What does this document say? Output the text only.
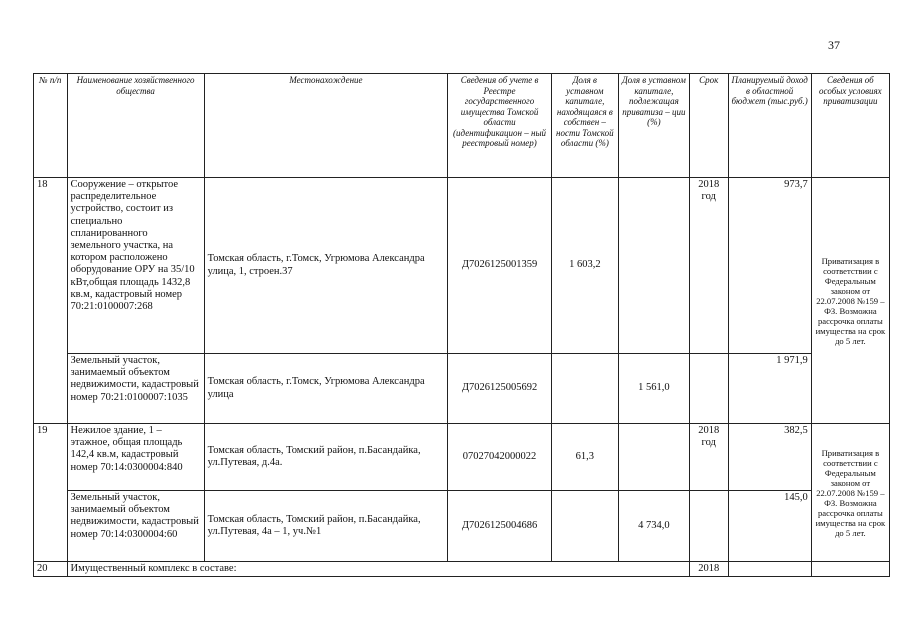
37
№ п/п	Наименование хозяйственного общества	Местонахождение	Сведения об учете в Реестре государственного имущества Томской области (идентификацион – ный реестровый номер)	Доля в уставном капитале, находящаяся в собствен – ности Томской области (%)	Доля в уставном капитале, подлежащая приватиза – ции (%)	Срок	Планируемый доход в областной бюджет (тыс.руб.)	Сведения об особых условиях приватизации
18	Сооружение – открытое распределительное устройство, состоит из специально спланированного земельного участка, на котором расположено оборудование ОРУ на 35/10 кВт,общая площадь 1432,8 кв.м, кадастровый номер 70:21:0100007:268	Томская область, г.Томск, Угрюмова Александра улица, 1, строен.37	Д7026125001359	1 603,2		2018 год	973,7	Приватизация в соответствии с Федеральным законом от 22.07.2008 №159 – ФЗ. Возможна рассрочка оплаты имущества на срок до 5 лет.
	Земельный участок, занимаемый объектом недвижимости, кадастровый номер 70:21:0100007:1035	Томская область, г.Томск, Угрюмова Александра улица	Д7026125005692		1 561,0		1 971,9	
19	Нежилое здание, 1 – этажное, общая площадь 142,4 кв.м, кадастровый номер 70:14:0300004:840	Томская область, Томский район, п.Басандайка, ул.Путевая, д.4а.	07027042000022	61,3		2018 год	382,5	Приватизация в соответствии с Федеральным законом от 22.07.2008 №159 – ФЗ. Возможна рассрочка оплаты имущества на срок до 5 лет.
	Земельный участок, занимаемый объектом недвижимости, кадастровый номер 70:14:0300004:60	Томская область, Томский район, п.Басандайка, ул.Путевая, 4а – 1, уч.№1	Д7026125004686		4 734,0		145,0	
20	Имущественный комплекс в составе:					2018		
